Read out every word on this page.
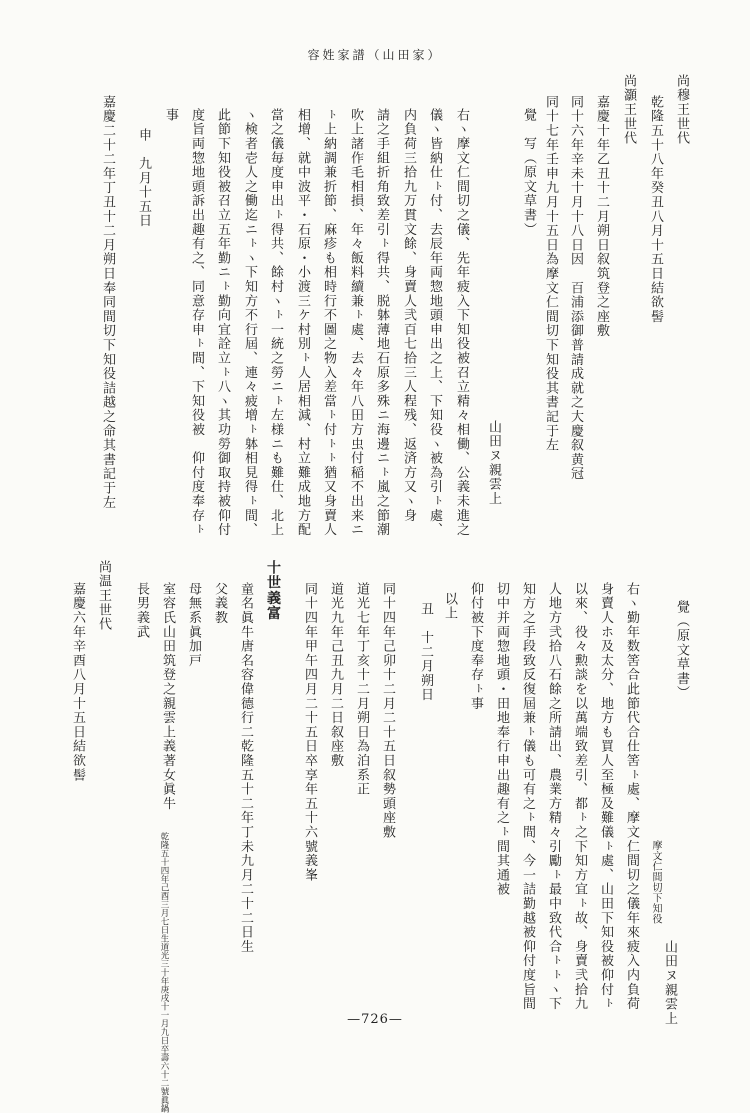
容姓家譜（山田家）
尚穆王世代
乾隆五十八年癸丑八月十五日結欲髻
尚灝王世代
嘉慶十年乙丑十二月朔日叙筑登之座敷
同十六年辛未十月十八日因　百浦添御普請成就之大慶叙黄冠
同十七年壬申九月十五日為摩文仁間切下知役其書記于左
覺　写（原文草書）
山田ヌ親雲上
右ヽ摩文仁間切之儀、先年疲入下知役被召立精々相働、公義未進之
儀ヽ皆納仕ㇳ付、去辰年両惣地頭申出之上、下知役ヽ被為引ㇳ處、
内負荷三拾九万貫文餘、身賣人弐百七拾三人程残、返済方又ヽ身
請之手組折角致差引ㇳ得共、脱躰薄地石原多殊ニ海邊ニㇳ嵐之節潮
吹上諸作毛相損、年々飯料續兼ㇳ處、去々年八田方虫付稲不出来ニ
ㇳ上納調兼折節、麻疹も相時行不圖之物入差當ㇳ付ㇳㇳ猶又身賣人
相增、就中波平・石原・小渡三ケ村別ㇳ人居相減、村立難成地方配
當之儀毎度申出ㇳ得共、餘村ヽㇳ一統之勞ニㇳ左様ニも難仕、北上
ヽ検者壱人之働迄ニㇳヽ下知方不行屆、連々疲增ㇳ躰相見得ㇳ間、
此節下知役被召立五年勤ニㇳ勤向宜詮立ㇳ八ヽ其功勞御取持被仰付
度旨両惣地頭訴出趣有之、同意存申ㇳ間、下知役被　仰付度奉存ㇳ
事
申　九月十五日
嘉慶二十二年丁丑十二月朔日奉同間切下知役詰越之命其書記于左
覺（原文草書）
摩文仁間切下知役
山田ヌ親雲上
右ヽ勤年数筈合此節代合仕筈ㇳ處、摩文仁間切之儀年來疲入内負荷
身賣人ホ及太分、地方も買人至極及難儀ㇳ處、山田下知役被仰付ㇳ
以來、役々勲談を以萬端致差引、都ㇳ之下知方宜ㇳ故、身賣弐拾九
人地方弐拾八石餘之所請出、農業方精々引勵ㇳ最中致代合ㇳㇳヽ下
知方之手段致反復屆兼ㇳ儀も可有之ㇳ間、今一詰勤越被仰付度旨間
切中并両惣地頭・田地奉行申出趣有之ㇳ間其通被
仰付被下度奉存ㇳ事
以上
丑　十二月朔日
同十四年己卯十二月二十五日叙勢頭座敷
道光七年丁亥十二月朔日為泊系正
道光九年己丑九月二日叙座敷
同十四年甲午四月二十五日卒享年五十六號義峯
十世義富
童名眞牛唐名容偉德行二乾隆五十二年丁未九月二十二日生
父義教
母無系眞加戸
室容氏山田筑登之親雲上義著女眞牛
乾隆五十四年己酉三月七日生道光三十年庚戌十一月九日卒壽六十二號眞鍋
長男義武
尚温王世代
嘉慶六年辛酉八月十五日結欲髻
—726—
